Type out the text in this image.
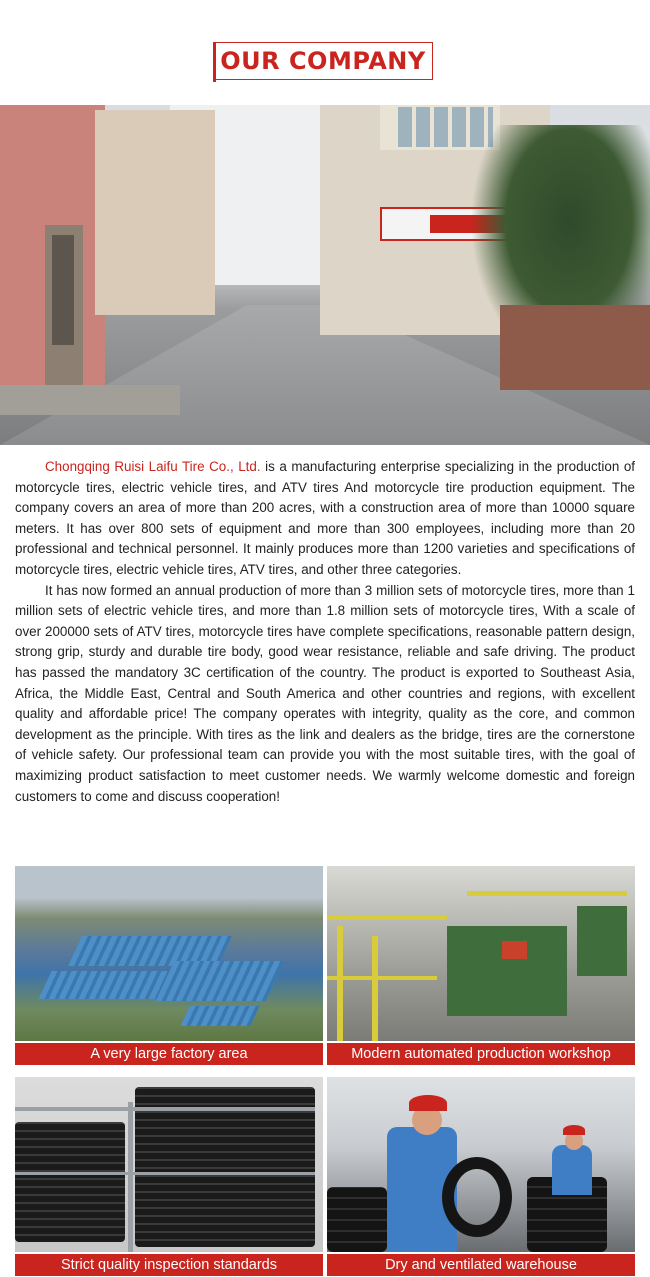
OUR COMPANY

Chongqing Ruisi Laifu Tire Co., Ltd. is a manufacturing enterprise specializing in the production of motorcycle tires, electric vehicle tires, and ATV tires And motorcycle tire production equipment. The company covers an area of more than 200 acres, with a construction area of more than 10000 square meters. It has over 800 sets of equipment and more than 300 employees, including more than 20 professional and technical personnel. It mainly produces more than 1200 varieties and specifications of motorcycle tires, electric vehicle tires, ATV tires, and other three categories.

It has now formed an annual production of more than 3 million sets of motorcycle tires, more than 1 million sets of electric vehicle tires, and more than 1.8 million sets of motorcycle tires, With a scale of over 200000 sets of ATV tires, motorcycle tires have complete specifications, reasonable pattern design, strong grip, sturdy and durable tire body, good wear resistance, reliable and safe driving. The product has passed the mandatory 3C certification of the country. The product is exported to Southeast Asia, Africa, the Middle East, Central and South America and other countries and regions, with excellent quality and affordable price! The company operates with integrity, quality as the core, and common development as the principle. With tires as the link and dealers as the bridge, tires are the cornerstone of vehicle safety. Our professional team can provide you with the most suitable tires, with the goal of maximizing product satisfaction to meet customer needs. We warmly welcome domestic and foreign customers to come and discuss cooperation!

A very large factory area	Modern automated production workshop
Strict quality inspection standards	Dry and ventilated warehouse
